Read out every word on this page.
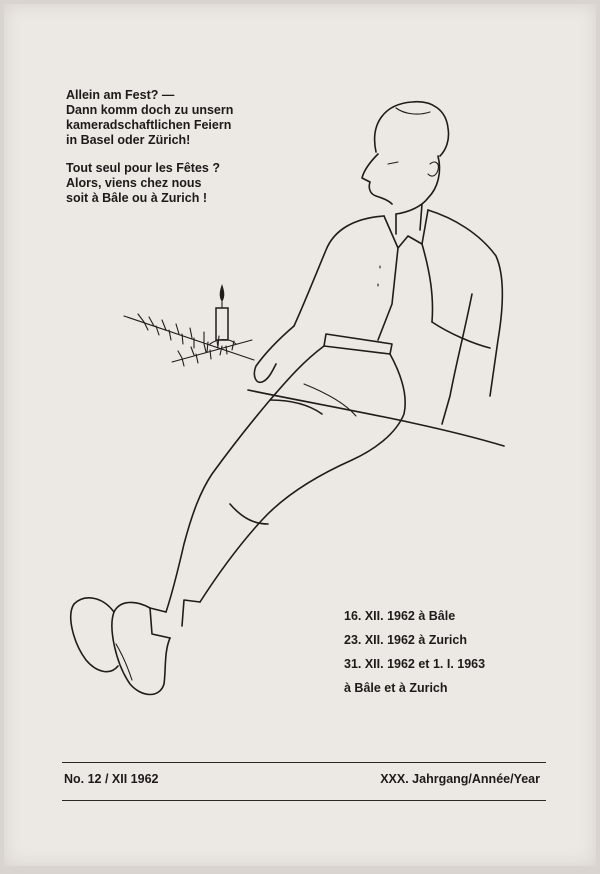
Allein am Fest? —
Dann komm doch zu unsern
kameradschaftlichen Feiern
in Basel oder Zürich!

Tout seul pour les Fêtes ?
Alors, viens chez nous
soit à Bâle ou à Zurich !

16. XII. 1962 à Bâle
23. XII. 1962 à Zurich
31. XII. 1962 et 1. I. 1963
à Bâle et à Zurich
No. 12 / XII 1962	XXX. Jahrgang/Année/Year
